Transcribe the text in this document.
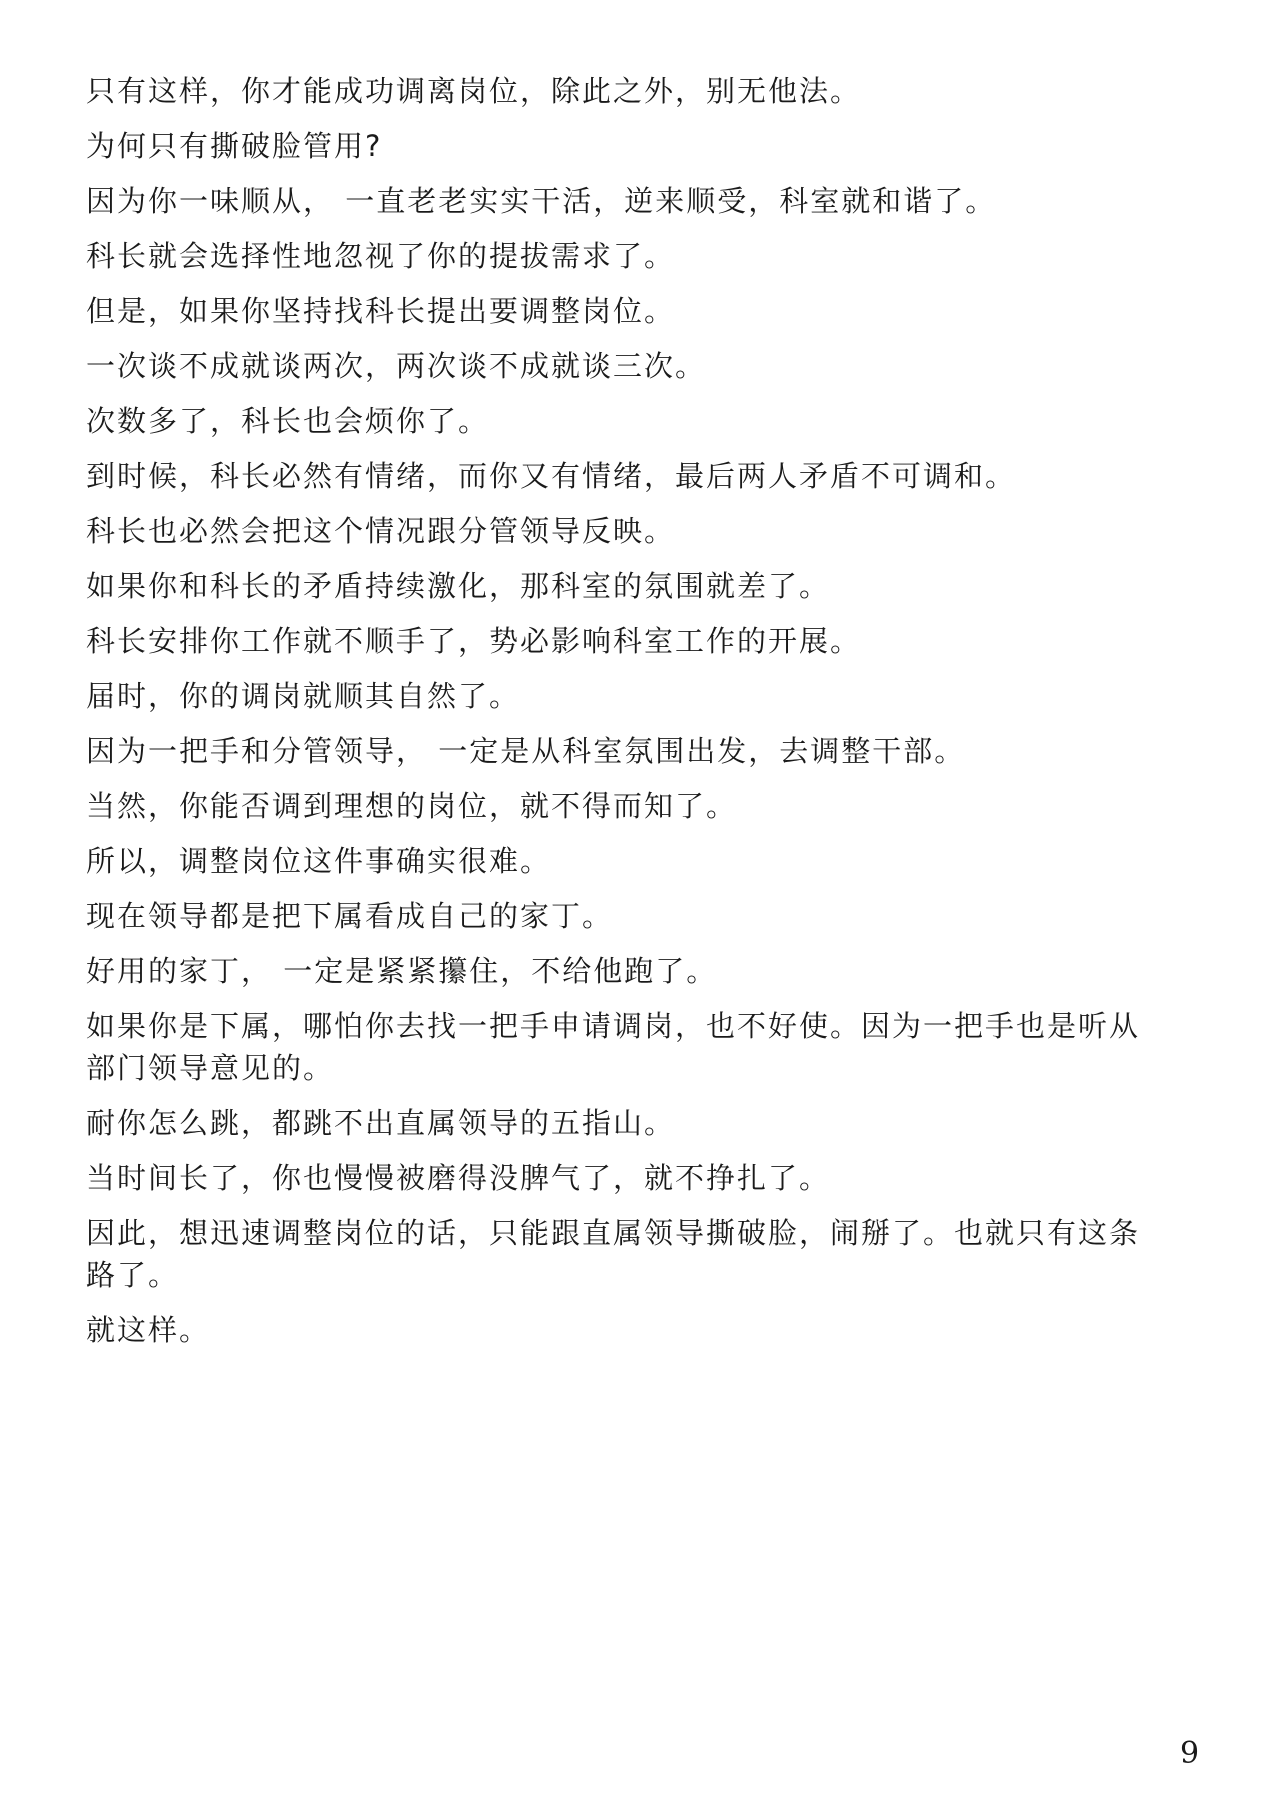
只有这样，你才能成功调离岗位，除此之外，别无他法。

为何只有撕破脸管用?

因为你一味顺从， 一直老老实实干活，逆来顺受，科室就和谐了。

科长就会选择性地忽视了你的提拔需求了。

但是，如果你坚持找科长提出要调整岗位。

一次谈不成就谈两次，两次谈不成就谈三次。

次数多了，科长也会烦你了。

到时候，科长必然有情绪，而你又有情绪，最后两人矛盾不可调和。

科长也必然会把这个情况跟分管领导反映。

如果你和科长的矛盾持续激化，那科室的氛围就差了。

科长安排你工作就不顺手了，势必影响科室工作的开展。

届时，你的调岗就顺其自然了。

因为一把手和分管领导， 一定是从科室氛围出发，去调整干部。

当然，你能否调到理想的岗位，就不得而知了。

所以，调整岗位这件事确实很难。

现在领导都是把下属看成自己的家丁。

好用的家丁， 一定是紧紧攥住，不给他跑了。

如果你是下属，哪怕你去找一把手申请调岗，也不好使。因为一把手也是听从部门领导意见的。

耐你怎么跳，都跳不出直属领导的五指山。

当时间长了，你也慢慢被磨得没脾气了，就不挣扎了。

因此，想迅速调整岗位的话，只能跟直属领导撕破脸，闹掰了。也就只有这条路了。

就这样。

9
